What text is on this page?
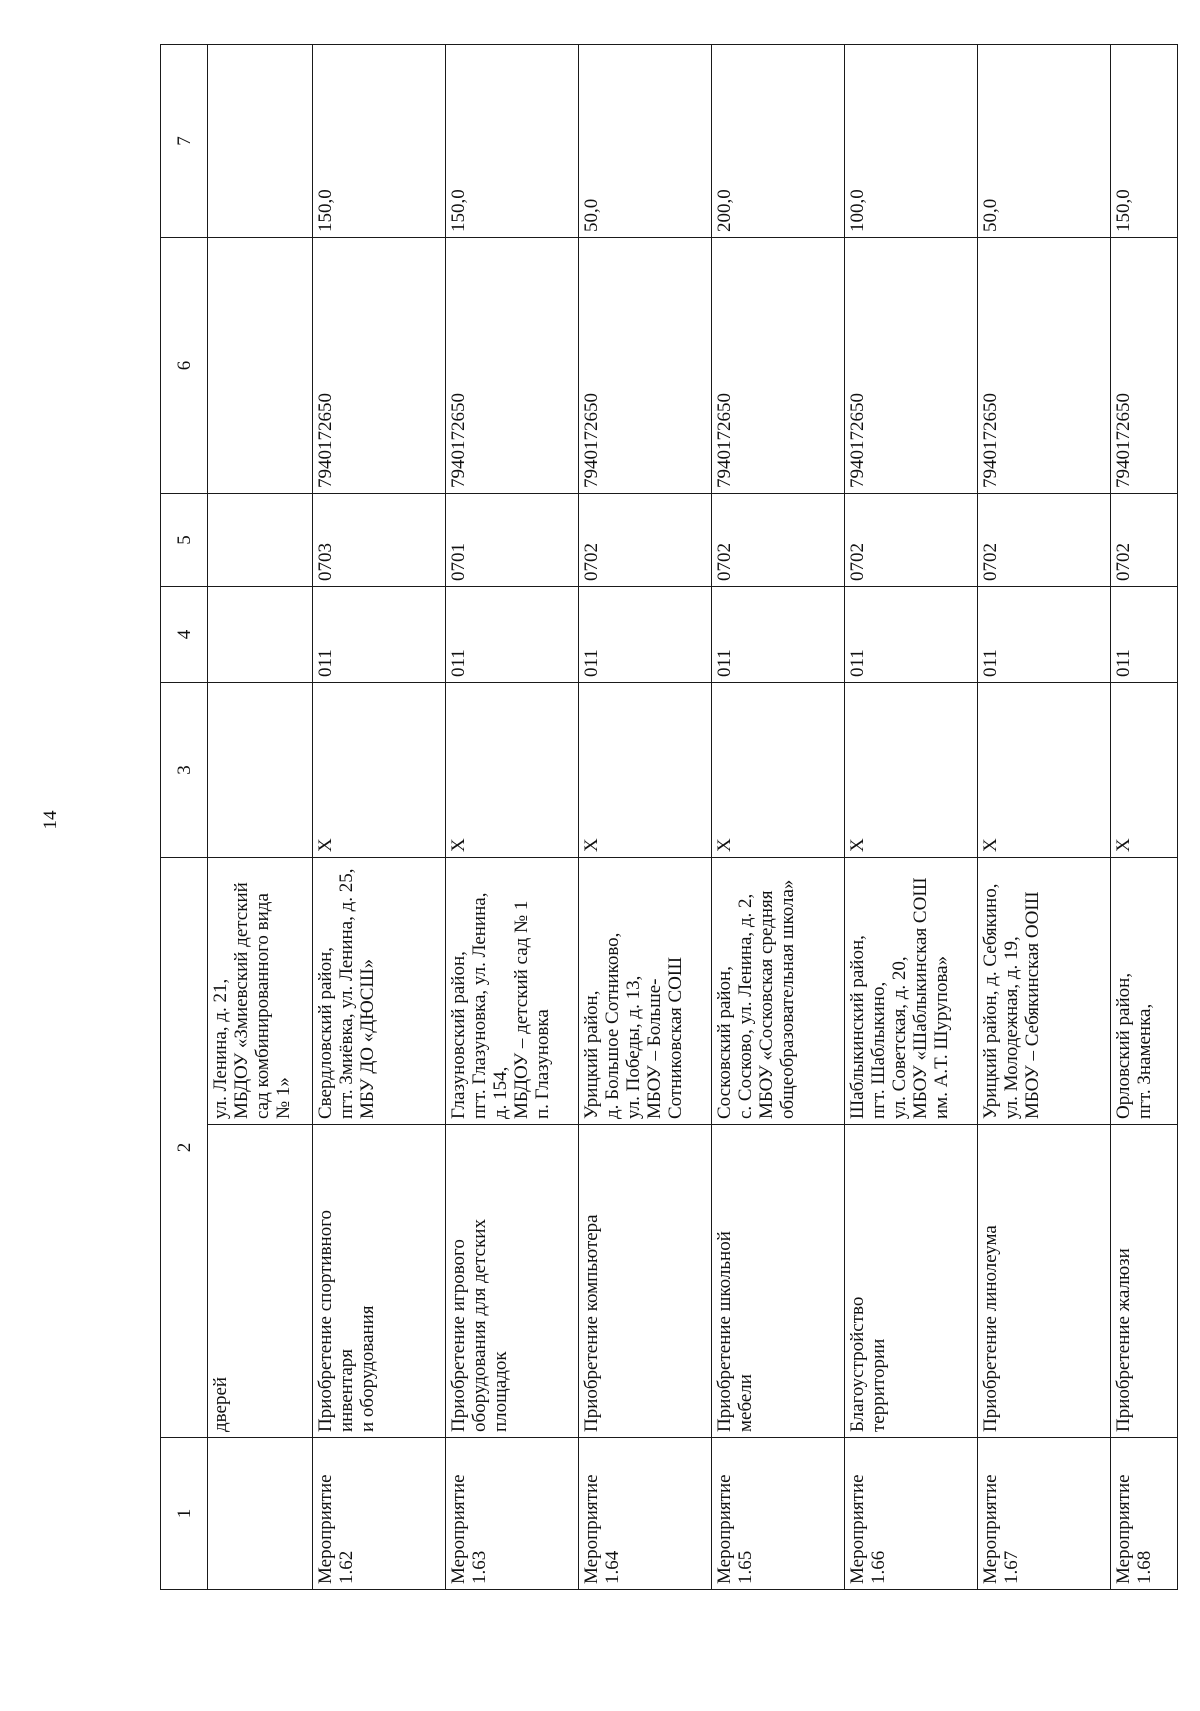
14
1	2		3	4	5	6	7

	дверей	ул. Ленина, д. 21, МБДОУ «Змиевский детский сад комбинированного вида № 1»					

Мероприятие 1.62	Приобретение спортивного инвентаря и оборудования	Свердловский район, пгт. Змиёвка, ул. Ленина, д. 25, МБУ ДО «ДЮСШ»	X	011	0703	7940172650	150,0
Мероприятие 1.63	Приобретение игрового оборудования для детских площадок	Глазуновский район, пгт. Глазуновка, ул. Ленина, д. 154, МБДОУ – детский сад № 1 п. Глазуновка	X	011	0701	7940172650	150,0
Мероприятие 1.64	Приобретение компьютера	Урицкий район, д. Большое Сотниково, ул. Победы, д. 13, МБОУ – Больше- Сотниковская СОШ	X	011	0702	7940172650	50,0
Мероприятие 1.65	Приобретение школьной мебели	Сосковский район, с. Сосково, ул. Ленина, д. 2, МБОУ «Сосковская средняя общеобразовательная школа»	X	011	0702	7940172650	200,0
Мероприятие 1.66	Благоустройство территории	Шаблыкинский район, пгт. Шаблыкино, ул. Советская, д. 20, МБОУ «Шаблыкинская СОШ им. А.Т. Шурупова»	X	011	0702	7940172650	100,0
Мероприятие 1.67	Приобретение линолеума	Урицкий район, д. Себякино, ул. Молодежная, д. 19, МБОУ – Себякинская ООШ	X	011	0702	7940172650	50,0
Мероприятие 1.68	Приобретение жалюзи	Орловский район, пгт. Знаменка,	X	011	0702	7940172650	150,0
